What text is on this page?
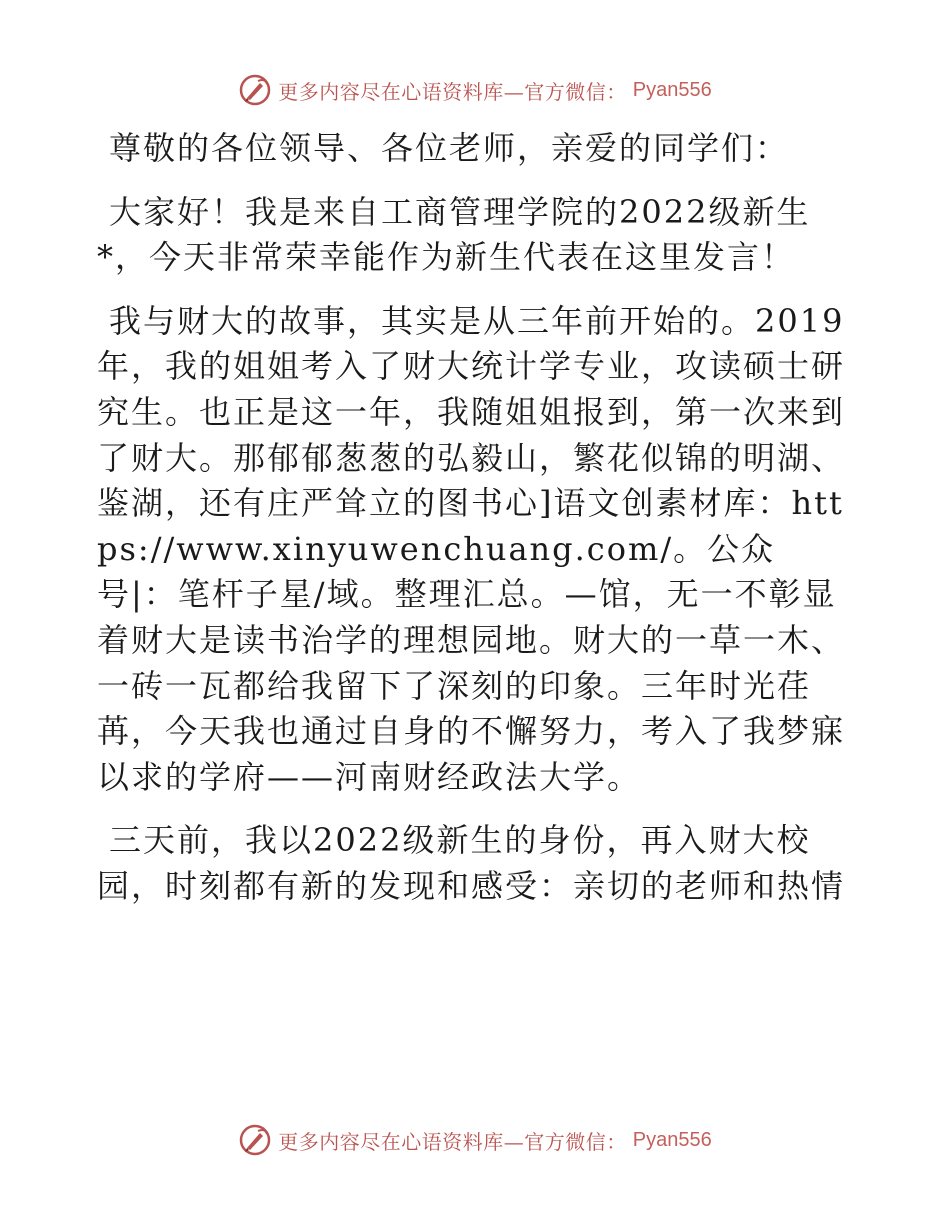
更多内容尽在心语资料库—官方微信： Pyan556

尊敬的各位领导、各位老师，亲爱的同学们：

大家好！我是来自工商管理学院的2022级新生*，今天非常荣幸能作为新生代表在这里发言！

我与财大的故事，其实是从三年前开始的。2019年，我的姐姐考入了财大统计学专业，攻读硕士研究生。也正是这一年，我随姐姐报到，第一次来到了财大。那郁郁葱葱的弘毅山，繁花似锦的明湖、鉴湖，还有庄严耸立的图书心]语文创素材库：https://www.xinyuwenchuang.com/。公众号|：笔杆子星/域。整理汇总。—馆，无一不彰显着财大是读书治学的理想园地。财大的一草一木、一砖一瓦都给我留下了深刻的印象。三年时光荏苒，今天我也通过自身的不懈努力，考入了我梦寐以求的学府——河南财经政法大学。

三天前，我以2022级新生的身份，再入财大校园，时刻都有新的发现和感受：亲切的老师和热情

更多内容尽在心语资料库—官方微信： Pyan556
